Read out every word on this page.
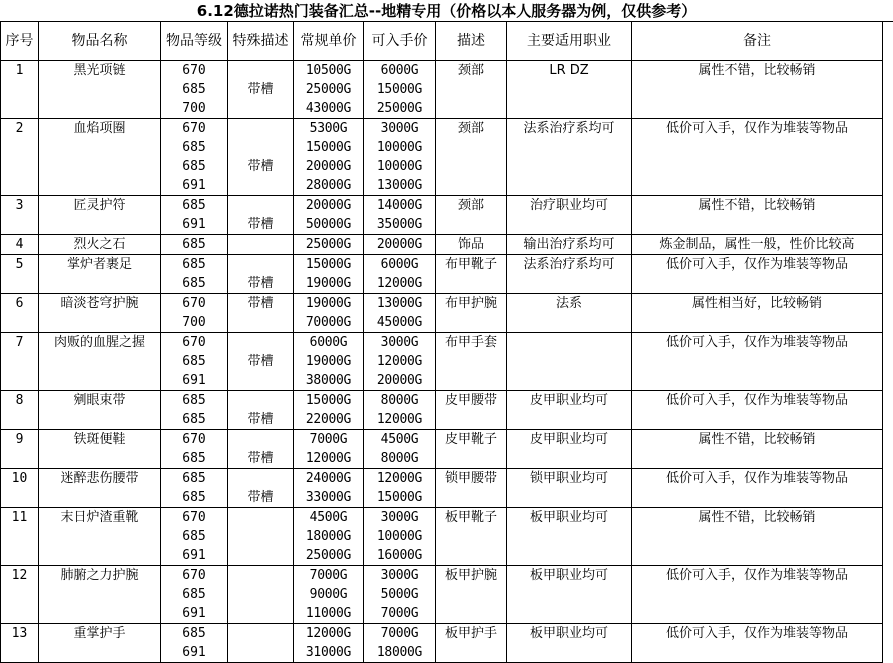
6.12德拉诺热门装备汇总--地精专用（价格以本人服务器为例，仅供参考）
序号	物品名称	物品等级	特殊描述	常规单价	可入手价	描述	主要适用职业	备注
1	黑光项链	670		10500G	6000G	颈部	LR DZ	属性不错，比较畅销
		685	带槽	25000G	15000G			
		700		43000G	25000G			
2	血焰项圈	670		5300G	3000G	颈部	法系治疗系均可	低价可入手，仅作为堆装等物品
		685		15000G	10000G			
		685	带槽	20000G	10000G			
		691		28000G	13000G			
3	匠灵护符	685		20000G	14000G	颈部	治疗职业均可	属性不错，比较畅销
		691	带槽	50000G	35000G			
4	烈火之石	685		25000G	20000G	饰品	输出治疗系均可	炼金制品，属性一般，性价比较高
5	掌炉者裹足	685		15000G	6000G	布甲靴子	法系治疗系均可	低价可入手，仅作为堆装等物品
		685	带槽	19000G	12000G			
6	暗淡苍穹护腕	670	带槽	19000G	13000G	布甲护腕	法系	属性相当好，比较畅销
		700		70000G	45000G			
7	肉贩的血腥之握	670		6000G	3000G	布甲手套		低价可入手，仅作为堆装等物品
		685	带槽	19000G	12000G			
		691		38000G	20000G			
8	剜眼束带	685		15000G	8000G	皮甲腰带	皮甲职业均可	低价可入手，仅作为堆装等物品
		685	带槽	22000G	12000G			
9	铁斑便鞋	670		7000G	4500G	皮甲靴子	皮甲职业均可	属性不错，比较畅销
		685	带槽	12000G	8000G			
10	迷醉悲伤腰带	685		24000G	12000G	锁甲腰带	锁甲职业均可	低价可入手，仅作为堆装等物品
		685	带槽	33000G	15000G			
11	末日炉渣重靴	670		4500G	3000G	板甲靴子	板甲职业均可	属性不错，比较畅销
		685		18000G	10000G			
		691		25000G	16000G			
12	肺腑之力护腕	670		7000G	3000G	板甲护腕	板甲职业均可	低价可入手，仅作为堆装等物品
		685		9000G	5000G			
		691		11000G	7000G			
13	重掌护手	685		12000G	7000G	板甲护手	板甲职业均可	低价可入手，仅作为堆装等物品
		691		31000G	18000G			
